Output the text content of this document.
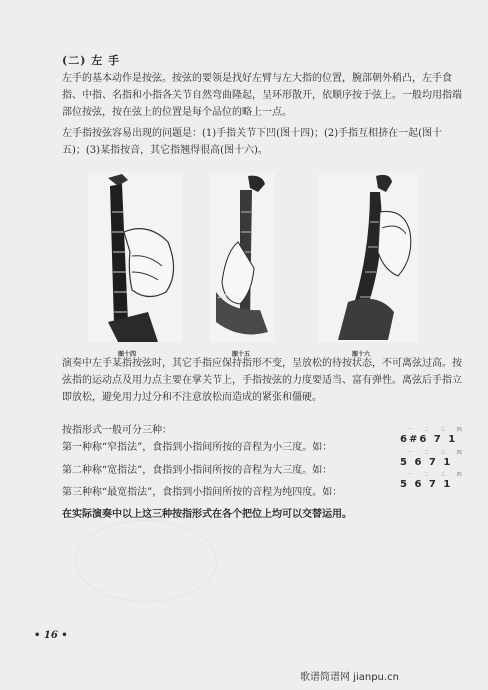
(二) 左 手
左手的基本动作是按弦。按弦的要领是找好左臂与左大指的位置，腕部朝外稍凸，左手食指、中指、名指和小指各关节自然弯曲隆起，呈环形散开，依顺序按于弦上。一般均用指端部位按弦，按在弦上的位置是每个品位的略上一点。
左手指按弦容易出现的问题是：(1)手指关节下凹(图十四)；(2)手指互相挤在一起(图十五)；(3)某指按音，其它指翘得很高(图十六)。
图十四	图十五	图十六
演奏中左手某指按弦时，其它手指应保持指形不变，呈放松的待按状态，不可离弦过高。按弦指的运动点及用力点主要在掌关节上，手指按弦的力度要适当、富有弹性。离弦后手指立即放松，避免用力过分和不注意放松而造成的紧张和僵硬。
按指形式一般可分三种：
第一种称“窄指法”，食指到小指间所按的音程为小三度。如：
一 二 三 四
6#6 7 1
第二种称“宽指法”，食指到小指间所按的音程为大三度。如：
一 二 三 四
5 6 7 1
第三种称“最宽指法”，食指到小指间所按的音程为纯四度。如：
一 二 三 四
5 6 7 1
在实际演奏中以上这三种按指形式在各个把位上均可以交替运用。
• 16 •
歌谱简谱网 jianpu.cn
